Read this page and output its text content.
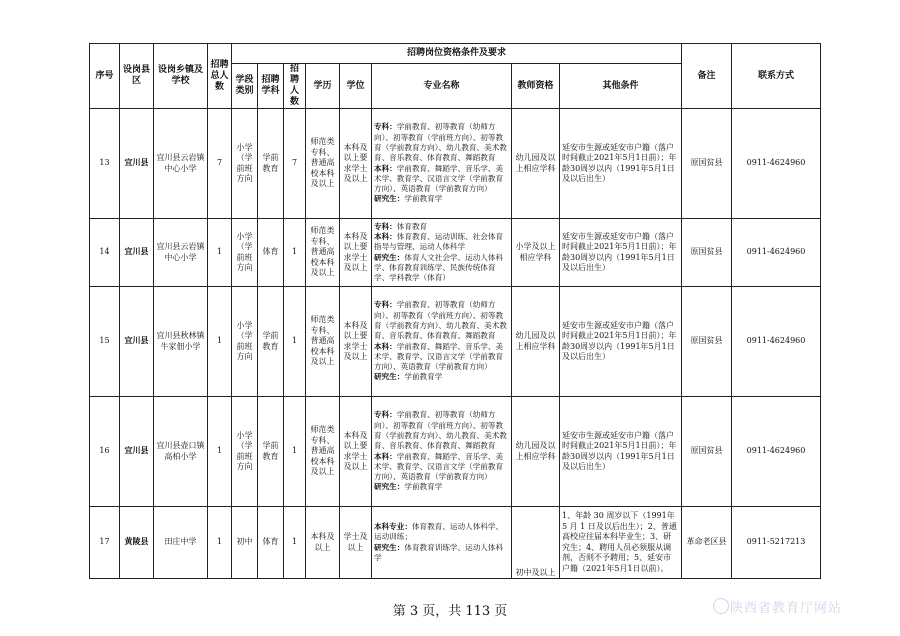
序号	设岗县区	设岗乡镇及学校	招聘总人数	招聘岗位资格条件及要求								备注	联系方式
				学段类别	招聘学科	招聘人数	学历	学位	专业名称	教师资格	其他条件		
13	宜川县	宜川县云岩镇中心小学	7	小学（学前班方向	学前教育	7	师范类专科、普通高校本科及以上	本科及以上要求学士及以上	专科：学前教育、初等教育（幼师方向）、初等教育（学前班方向）、初等教育（学前教育方向）、幼儿教育、美术教育、音乐教育、体育教育、舞蹈教育
本科：学前教育、舞蹈学、音乐学、美术学、教育学、汉语言文学（学前教育方向）、英语教育（学前教育方向）
研究生：学前教育学	幼儿园及以上相应学科	延安市生源或延安市户籍（落户时间截止2021年5月1日前）；年龄30周岁以内（1991年5月1日及以后出生）	原国贫县	0911-4624960
14	宜川县	宜川县云岩镇中心小学	1	小学（学前班方向	体育	1	师范类专科、普通高校本科及以上	本科及以上要求学士及以上	专科：体育教育
本科：体育教育、运动训练、社会体育指导与管理、运动人体科学
研究生：体育人文社会学、运动人体科学、体育教育训练学、民族传统体育学、学科教学（体育）	小学及以上相应学科	延安市生源或延安市户籍（落户时间截止2021年5月1日前）；年龄30周岁以内（1991年5月1日及以后出生）	原国贫县	0911-4624960
15	宜川县	宜川县秋林镇牛家佃小学	1	小学（学前班方向	学前教育	1	师范类专科、普通高校本科及以上	本科及以上要求学士及以上	专科：学前教育、初等教育（幼师方向）、初等教育（学前班方向）、初等教育（学前教育方向）、幼儿教育、美术教育、音乐教育、体育教育、舞蹈教育
本科：学前教育、舞蹈学、音乐学、美术学、教育学、汉语言文学（学前教育方向）、英语教育（学前教育方向）
研究生：学前教育学	幼儿园及以上相应学科	延安市生源或延安市户籍（落户时间截止2021年5月1日前）；年龄30周岁以内（1991年5月1日及以后出生）	原国贫县	0911-4624960
16	宜川县	宜川县壶口镇高柏小学	1	小学（学前班方向	学前教育	1	师范类专科、普通高校本科及以上	本科及以上要求学士及以上	专科：学前教育、初等教育（幼师方向）、初等教育（学前班方向）、初等教育（学前教育方向）、幼儿教育、美术教育、音乐教育、体育教育、舞蹈教育
本科：学前教育、舞蹈学、音乐学、美术学、教育学、汉语言文学（学前教育方向）、英语教育（学前教育方向）
研究生：学前教育学	幼儿园及以上相应学科	延安市生源或延安市户籍（落户时间截止2021年5月1日前）；年龄30周岁以内（1991年5月1日及以后出生）	原国贫县	0911-4624960
17	黄陵县	田庄中学	1	初中	体育	1	本科及以上	学士及以上	本科专业：体育教育、运动人体科学、运动训练；
研究生：体育教育训练学、运动人体科学	初中及以上	1、年龄 30 周岁以下（1991年 5 月 1 日及以后出生）；2、普通高校应往届本科毕业生；3、研究生；4、聘用人员必须服从调剂，否则不予聘用；5、延安市户籍（2021年5月1日以前）。	革命老区县	0911-5217213
第 3 页，共 113 页	陕西省教育厅网站
